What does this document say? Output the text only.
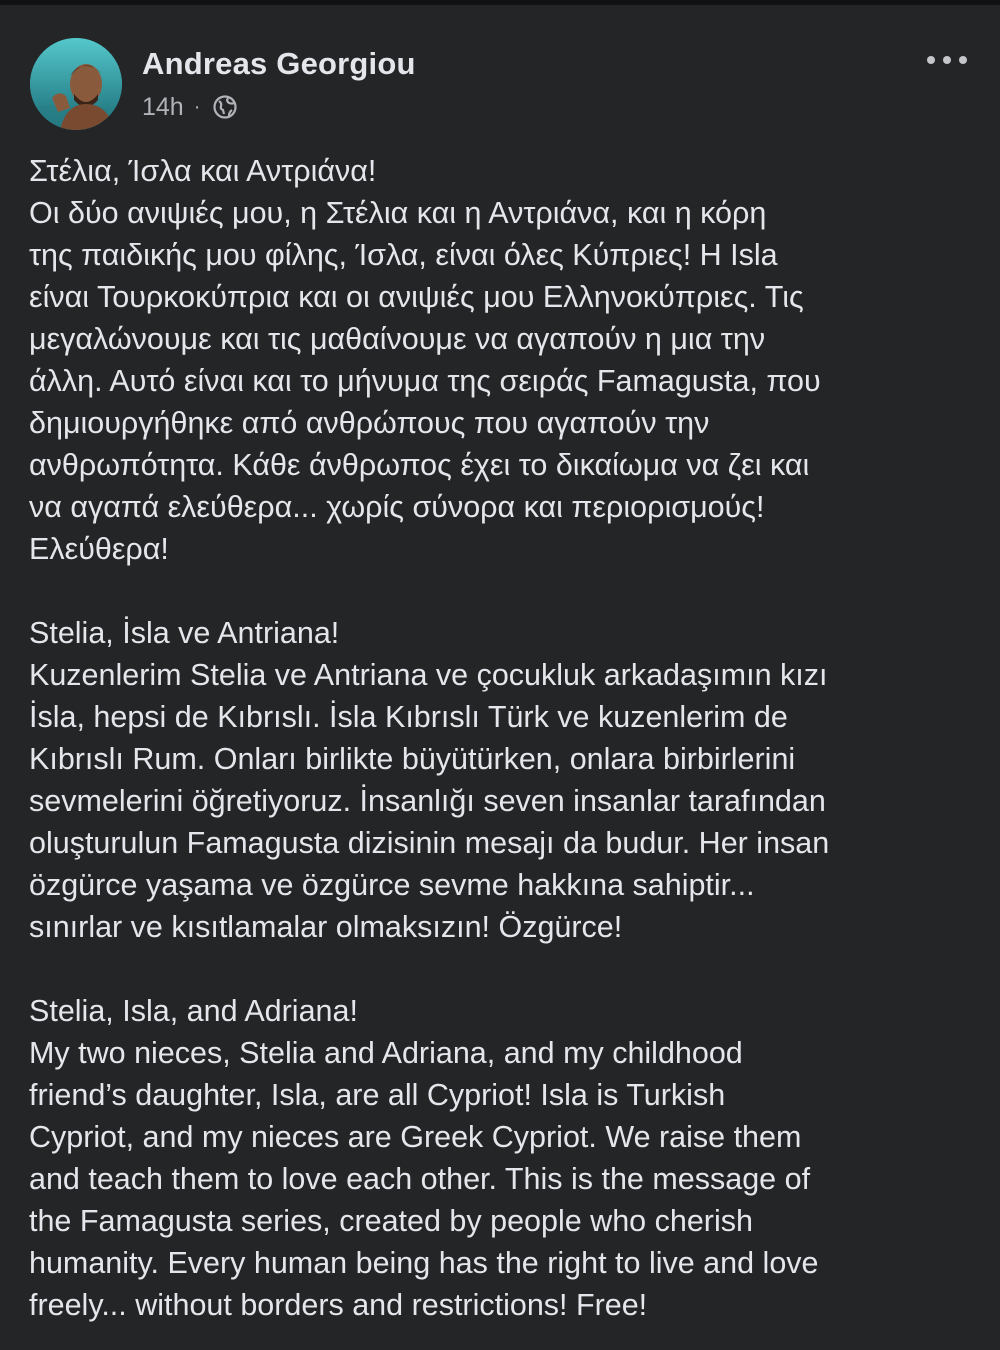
Andreas Georgiou
14h ·
Στέλια, Ίσλα και Αντριάνα!
Οι δύο ανιψιές μου, η Στέλια και η Αντριάνα, και η κόρη
της παιδικής μου φίλης, Ίσλα, είναι όλες Κύπριες! Η Isla
είναι Τουρκοκύπρια και οι ανιψιές μου Ελληνοκύπριες. Τις
μεγαλώνουμε και τις μαθαίνουμε να αγαπούν η μια την
άλλη. Αυτό είναι και το μήνυμα της σειράς Famagusta, που
δημιουργήθηκε από ανθρώπους που αγαπούν την
ανθρωπότητα. Κάθε άνθρωπος έχει το δικαίωμα να ζει και
να αγαπά ελεύθερα... χωρίς σύνορα και περιορισμούς!
Ελεύθερα!
Stelia, İsla ve Antriana!
Kuzenlerim Stelia ve Antriana ve çocukluk arkadaşımın kızı
İsla, hepsi de Kıbrıslı. İsla Kıbrıslı Türk ve kuzenlerim de
Kıbrıslı Rum. Onları birlikte büyütürken, onlara birbirlerini
sevmelerini öğretiyoruz. İnsanlığı seven insanlar tarafından
oluşturulun Famagusta dizisinin mesajı da budur. Her insan
özgürce yaşama ve özgürce sevme hakkına sahiptir...
sınırlar ve kısıtlamalar olmaksızın! Özgürce!
Stelia, Isla, and Adriana!
My two nieces, Stelia and Adriana, and my childhood
friend’s daughter, Isla, are all Cypriot! Isla is Turkish
Cypriot, and my nieces are Greek Cypriot. We raise them
and teach them to love each other. This is the message of
the Famagusta series, created by people who cherish
humanity. Every human being has the right to live and love
freely... without borders and restrictions! Free!
